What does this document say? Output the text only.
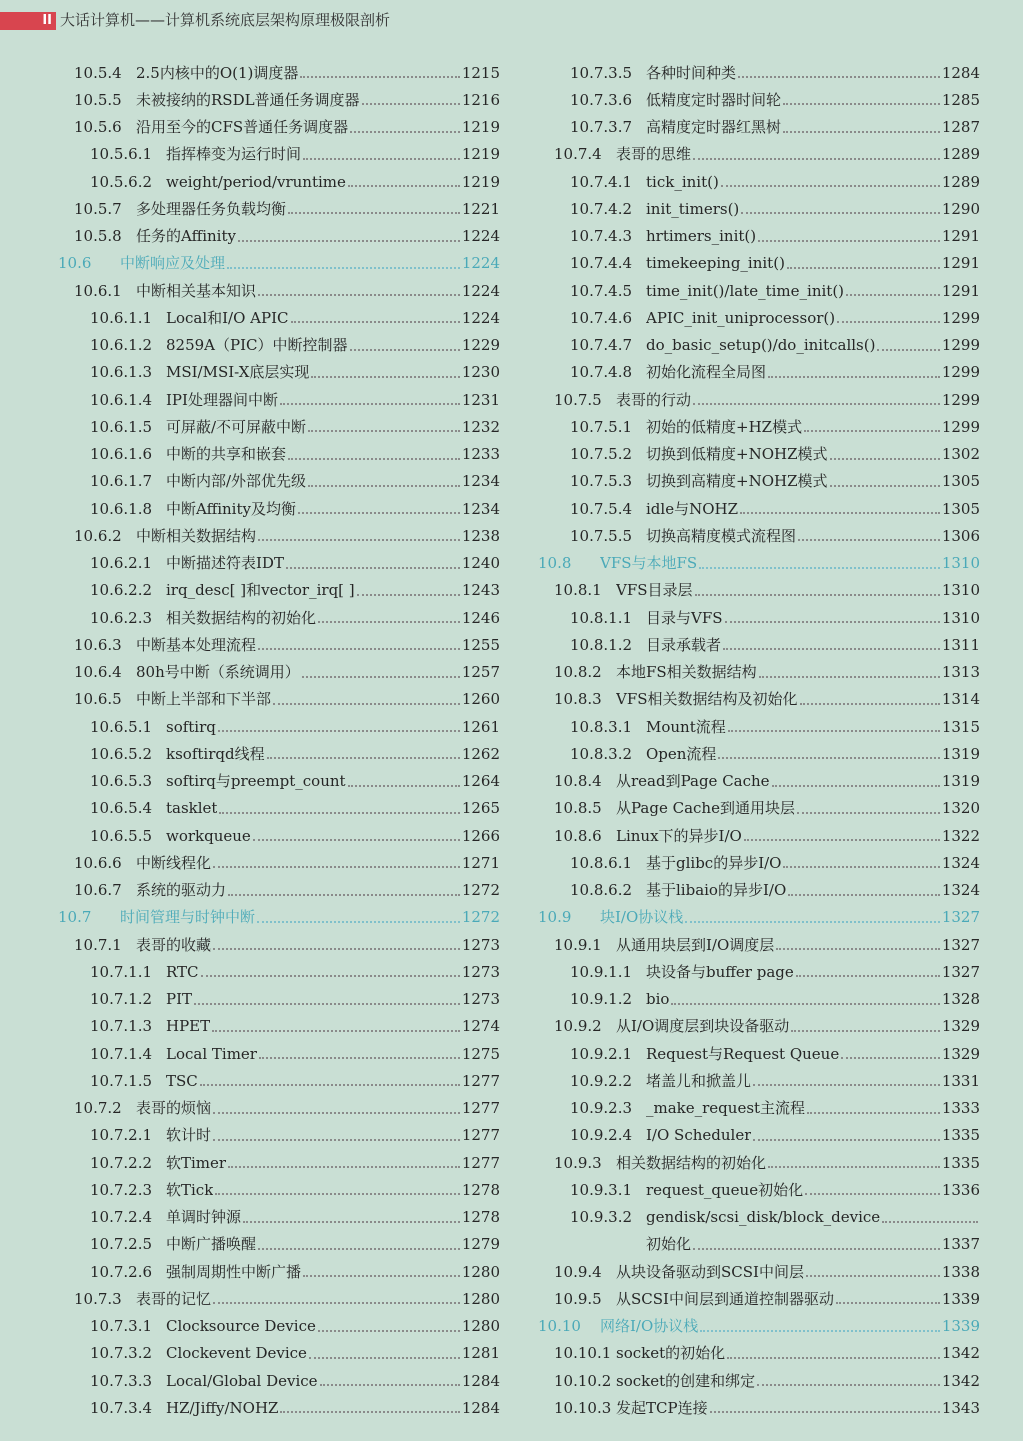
II 大话计算机——计算机系统底层架构原理极限剖析
10.5.4 2.5内核中的O(1)调度器	1215
10.5.5 未被接纳的RSDL普通任务调度器	1216
10.5.6 沿用至今的CFS普通任务调度器	1219
10.5.6.1 指挥棒变为运行时间	1219
10.5.6.2 weight/period/vruntime	1219
10.5.7 多处理器任务负载均衡	1221
10.5.8 任务的Affinity	1224
10.6	中断响应及处理	1224
10.6.1 中断相关基本知识	1224
10.6.1.1 Local和I/O APIC	1224
10.6.1.2 8259A（PIC）中断控制器	1229
10.6.1.3 MSI/MSI-X底层实现	1230
10.6.1.4 IPI处理器间中断	1231
10.6.1.5 可屏蔽/不可屏蔽中断	1232
10.6.1.6 中断的共享和嵌套	1233
10.6.1.7 中断内部/外部优先级	1234
10.6.1.8 中断Affinity及均衡	1234
10.6.2 中断相关数据结构	1238
10.6.2.1 中断描述符表IDT	1240
10.6.2.2 irq_desc[ ]和vector_irq[ ]	1243
10.6.2.3 相关数据结构的初始化	1246
10.6.3 中断基本处理流程	1255
10.6.4 80h号中断（系统调用）	1257
10.6.5 中断上半部和下半部	1260
10.6.5.1 softirq	1261
10.6.5.2 ksoftirqd线程	1262
10.6.5.3 softirq与preempt_count	1264
10.6.5.4 tasklet	1265
10.6.5.5 workqueue	1266
10.6.6 中断线程化	1271
10.6.7 系统的驱动力	1272
10.7	时间管理与时钟中断	1272
10.7.1 表哥的收藏	1273
10.7.1.1 RTC	1273
10.7.1.2 PIT	1273
10.7.1.3 HPET	1274
10.7.1.4 Local Timer	1275
10.7.1.5 TSC	1277
10.7.2 表哥的烦恼	1277
10.7.2.1 软计时	1277
10.7.2.2 软Timer	1277
10.7.2.3 软Tick	1278
10.7.2.4 单调时钟源	1278
10.7.2.5 中断广播唤醒	1279
10.7.2.6 强制周期性中断广播	1280
10.7.3 表哥的记忆	1280
10.7.3.1 Clocksource Device	1280
10.7.3.2 Clockevent Device	1281
10.7.3.3 Local/Global Device	1284
10.7.3.4 HZ/Jiffy/NOHZ	1284
10.7.3.5 各种时间种类	1284
10.7.3.6 低精度定时器时间轮	1285
10.7.3.7 高精度定时器红黑树	1287
10.7.4 表哥的思维	1289
10.7.4.1 tick_init()	1289
10.7.4.2 init_timers()	1290
10.7.4.3 hrtimers_init()	1291
10.7.4.4 timekeeping_init()	1291
10.7.4.5 time_init()/late_time_init()	1291
10.7.4.6 APIC_init_uniprocessor()	1299
10.7.4.7 do_basic_setup()/do_initcalls()	1299
10.7.4.8 初始化流程全局图	1299
10.7.5 表哥的行动	1299
10.7.5.1 初始的低精度+HZ模式	1299
10.7.5.2 切换到低精度+NOHZ模式	1302
10.7.5.3 切换到高精度+NOHZ模式	1305
10.7.5.4 idle与NOHZ	1305
10.7.5.5 切换高精度模式流程图	1306
10.8	VFS与本地FS	1310
10.8.1 VFS目录层	1310
10.8.1.1 目录与VFS	1310
10.8.1.2 目录承载者	1311
10.8.2 本地FS相关数据结构	1313
10.8.3 VFS相关数据结构及初始化	1314
10.8.3.1 Mount流程	1315
10.8.3.2 Open流程	1319
10.8.4 从read到Page Cache	1319
10.8.5 从Page Cache到通用块层	1320
10.8.6 Linux下的异步I/O	1322
10.8.6.1 基于glibc的异步I/O	1324
10.8.6.2 基于libaio的异步I/O	1324
10.9	块I/O协议栈	1327
10.9.1 从通用块层到I/O调度层	1327
10.9.1.1 块设备与buffer page	1327
10.9.1.2 bio	1328
10.9.2 从I/O调度层到块设备驱动	1329
10.9.2.1 Request与Request Queue	1329
10.9.2.2 堵盖儿和掀盖儿	1331
10.9.2.3 _make_request主流程	1333
10.9.2.4 I/O Scheduler	1335
10.9.3 相关数据结构的初始化	1335
10.9.3.1 request_queue初始化	1336
10.9.3.2 gendisk/scsi_disk/block_device
初始化	1337
10.9.4 从块设备驱动到SCSI中间层	1338
10.9.5 从SCSI中间层到通道控制器驱动	1339
10.10	网络I/O协议栈	1339
10.10.1 socket的初始化	1342
10.10.2 socket的创建和绑定	1342
10.10.3 发起TCP连接	1343
